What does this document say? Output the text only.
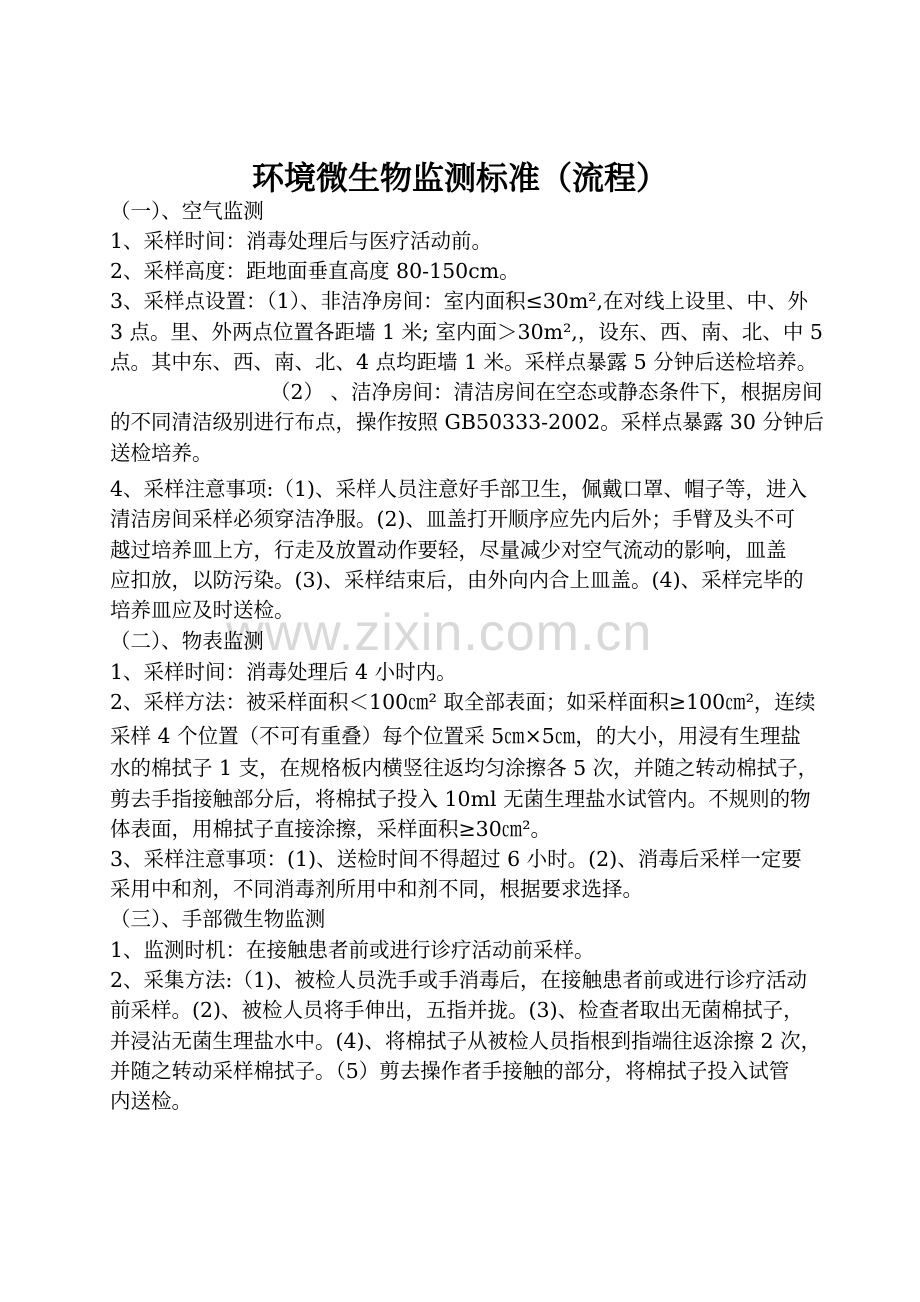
www.zixin.com.cn
环境微生物监测标准（流程）
（一）、空气监测
1、采样时间：消毒处理后与医疗活动前。
2、采样高度：距地面垂直高度 80-150cm。
3、采样点设置：（1）、非洁净房间：室内面积≤30m²,在对线上设里、中、外
3 点。里、外两点位置各距墙 1 米; 室内面＞30m²,，设东、西、南、北、中 5
点。其中东、西、南、北、4 点均距墙 1 米。采样点暴露 5 分钟后送检培养。
（2） 、洁净房间：清洁房间在空态或静态条件下，根据房间
的不同清洁级别进行布点，操作按照 GB50333-2002。采样点暴露 30 分钟后
送检培养。
4、采样注意事项:（1)、采样人员注意好手部卫生，佩戴口罩、帽子等，进入
清洁房间采样必须穿洁净服。(2)、皿盖打开顺序应先内后外；手臂及头不可
越过培养皿上方，行走及放置动作要轻，尽量减少对空气流动的影响，皿盖
应扣放，以防污染。(3)、采样结束后，由外向内合上皿盖。(4)、采样完毕的
培养皿应及时送检。
（二）、物表监测
1、采样时间：消毒处理后 4 小时内。
2、采样方法：被采样面积＜100㎝² 取全部表面；如采样面积≥100㎝²，连续
采样 4 个位置（不可有重叠）每个位置采 5㎝×5㎝，的大小，用浸有生理盐
水的棉拭子 1 支，在规格板内横竖往返均匀涂擦各 5 次，并随之转动棉拭子，
剪去手指接触部分后，将棉拭子投入 10ml 无菌生理盐水试管内。不规则的物
体表面，用棉拭子直接涂擦，采样面积≥30㎝²。
3、采样注意事项：(1)、送检时间不得超过 6 小时。(2)、消毒后采样一定要
采用中和剂，不同消毒剂所用中和剂不同，根据要求选择。
（三）、手部微生物监测
1、监测时机：在接触患者前或进行诊疗活动前采样。
2、采集方法:（1)、被检人员洗手或手消毒后，在接触患者前或进行诊疗活动
前采样。(2)、被检人员将手伸出，五指并拢。(3)、检查者取出无菌棉拭子，
并浸沾无菌生理盐水中。(4)、将棉拭子从被检人员指根到指端往返涂擦 2 次，
并随之转动采样棉拭子。（5）剪去操作者手接触的部分，将棉拭子投入试管
内送检。
